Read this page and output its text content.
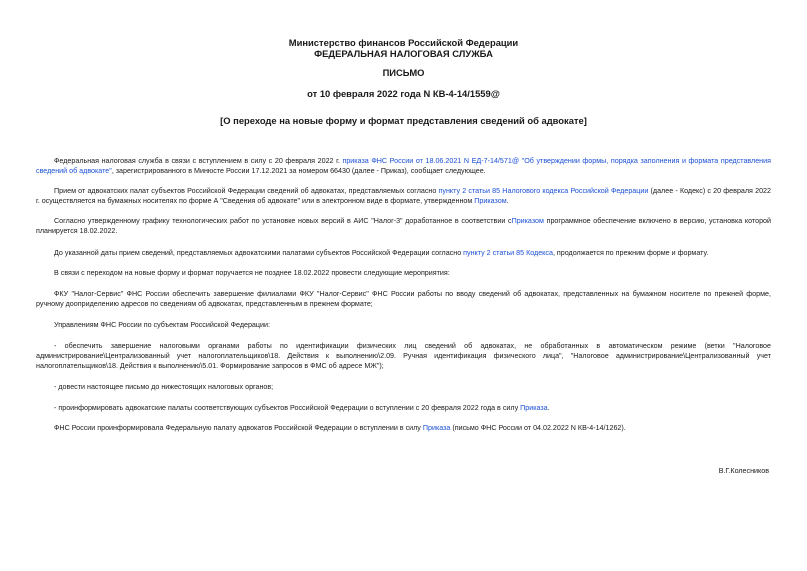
Министерство финансов Российской Федерации
ФЕДЕРАЛЬНАЯ НАЛОГОВАЯ СЛУЖБА
ПИСЬМО
от 10 февраля 2022 года N КВ-4-14/1559@
[О переходе на новые форму и формат представления сведений об адвокате]
Федеральная налоговая служба в связи с вступлением в силу с 20 февраля 2022 г. приказа ФНС России от 18.06.2021 N ЕД-7-14/571@ "Об утверждении формы, порядка заполнения и формата представления сведений об адвокате", зарегистрированного в Минюсте России 17.12.2021 за номером 66430 (далее - Приказ), сообщает следующее.
Прием от адвокатских палат субъектов Российской Федерации сведений об адвокатах, представляемых согласно пункту 2 статьи 85 Налогового кодекса Российской Федерации (далее - Кодекс) с 20 февраля 2022 г. осуществляется на бумажных носителях по форме А "Сведения об адвокате" или в электронном виде в формате, утвержденном Приказом.
Согласно утвержденному графику технологических работ по установке новых версий в АИС "Налог-3" доработанное в соответствии сПриказом программное обеспечение включено в версию, установка которой планируется 18.02.2022.
До указанной даты прием сведений, представляемых адвокатскими палатами субъектов Российской Федерации согласно пункту 2 статьи 85 Кодекса, продолжается по прежним форме и формату.
В связи с переходом на новые форму и формат поручается не позднее 18.02.2022 провести следующие мероприятия:
ФКУ "Налог-Сервис" ФНС России обеспечить завершение филиалами ФКУ "Налог-Сервис" ФНС России работы по вводу сведений об адвокатах, представленных на бумажном носителе по прежней форме, ручному дооприделению адресов по сведениям об адвокатах, представленным в прежнем формате;
Управлениям ФНС России по субъектам Российской Федерации:
- обеспечить завершение налоговыми органами работы по идентификации физических лиц сведений об адвокатах, не обработанных в автоматическом режиме (ветки "Налоговое администрирование\Централизованный учет налогоплательщиков\18. Действия к выполнению\2.09. Ручная идентификация физического лица", "Налоговое администрирование\Централизованный учет налогоплательщиков\18. Действия к выполнению\5.01. Формирование запросов в ФМС об адресе МЖ");
- довести настоящее письмо до нижестоящих налоговых органов;
- проинформировать адвокатские палаты соответствующих субъектов Российской Федерации о вступлении с 20 февраля 2022 года в силу Приказа.
ФНС России проинформировала Федеральную палату адвокатов Российской Федерации о вступлении в силу Приказа (письмо ФНС России от 04.02.2022 N КВ-4-14/1262).
В.Г.Колесников
